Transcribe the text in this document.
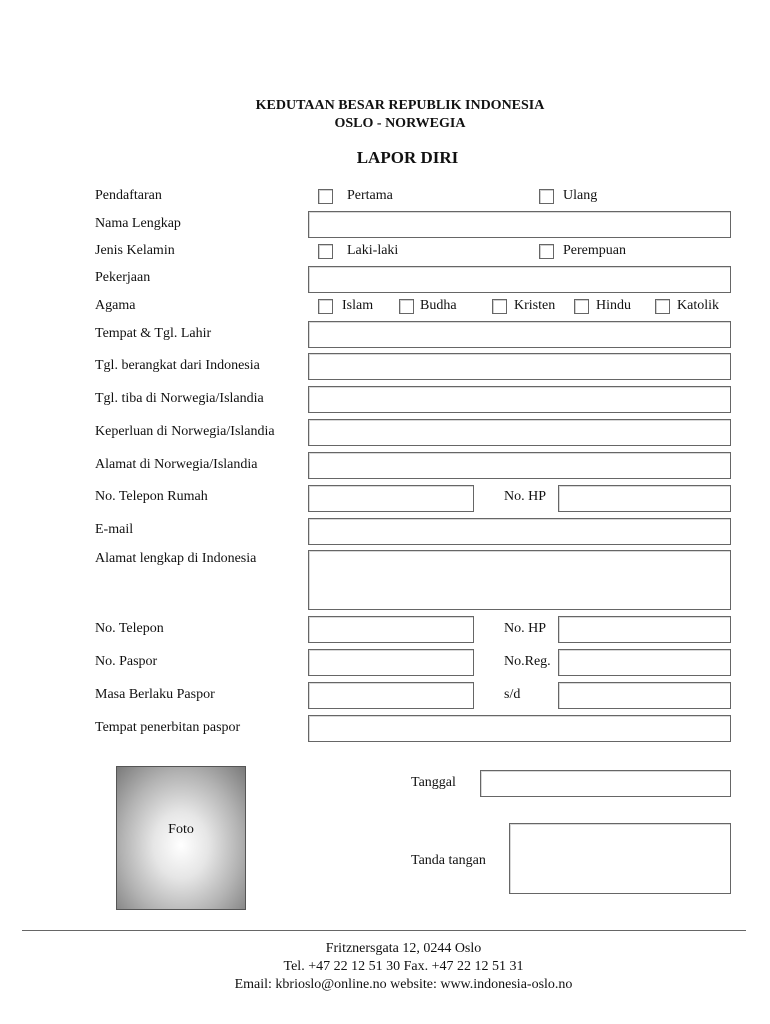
KEDUTAAN BESAR REPUBLIK INDONESIA
OSLO - NORWEGIA
LAPOR DIRI
Pendaftaran	Pertama	Ulang
Nama Lengkap
Jenis Kelamin	Laki-laki	Perempuan
Pekerjaan
Agama	Islam	Budha	Kristen	Hindu	Katolik
Tempat & Tgl. Lahir
Tgl. berangkat dari Indonesia
Tgl. tiba di Norwegia/Islandia
Keperluan di Norwegia/Islandia
Alamat di Norwegia/Islandia
No. Telepon Rumah	No. HP
E-mail
Alamat lengkap di Indonesia
No. Telepon	No. HP
No. Paspor	No.Reg.
Masa Berlaku Paspor	s/d
Tempat penerbitan paspor
Foto
Tanggal
Tanda tangan
Fritznersgata 12, 0244 Oslo
Tel. +47 22 12 51 30 Fax. +47 22 12 51 31
Email: kbrioslo@online.no website: www.indonesia-oslo.no
